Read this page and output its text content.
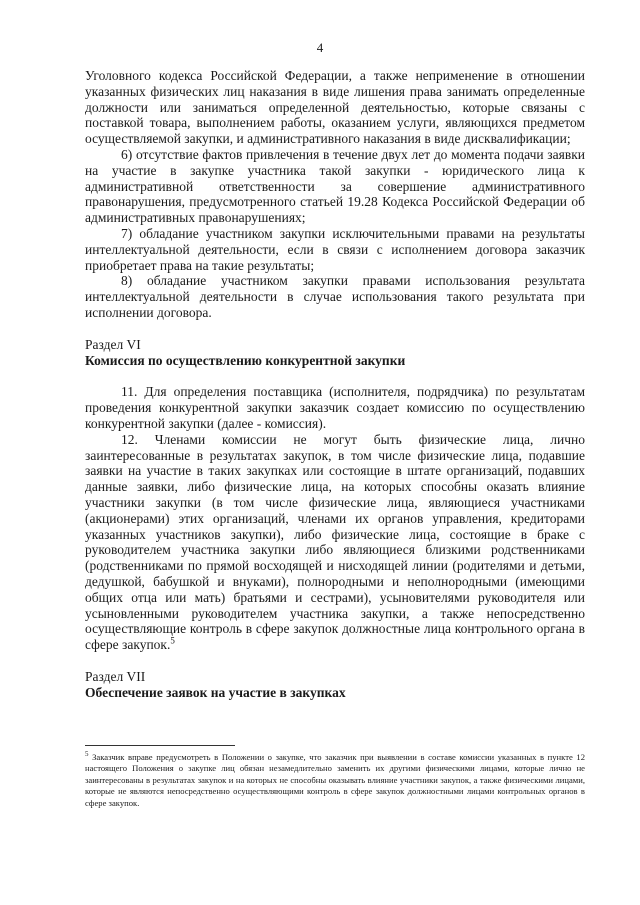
4

Уголовного кодекса Российской Федерации, а также неприменение в отношении указанных физических лиц наказания в виде лишения права занимать определенные должности или заниматься определенной деятельностью, которые связаны с поставкой товара, выполнением работы, оказанием услуги, являющихся предметом осуществляемой закупки, и административного наказания в виде дисквалификации;

6) отсутствие фактов привлечения в течение двух лет до момента подачи заявки на участие в закупке участника такой закупки - юридического лица к административной ответственности за совершение административного правонарушения, предусмотренного статьей 19.28 Кодекса Российской Федерации об административных правонарушениях;

7) обладание участником закупки исключительными правами на результаты интеллектуальной деятельности, если в связи с исполнением договора заказчик приобретает права на такие результаты;

8) обладание участником закупки правами использования результата интеллектуальной деятельности в случае использования такого результата при исполнении договора.

Раздел VI

Комиссия по осуществлению конкурентной закупки

11. Для определения поставщика (исполнителя, подрядчика) по результатам проведения конкурентной закупки заказчик создает комиссию по осуществлению конкурентной закупки (далее - комиссия).

12. Членами комиссии не могут быть физические лица, лично заинтересованные в результатах закупок, в том числе физические лица, подавшие заявки на участие в таких закупках или состоящие в штате организаций, подавших данные заявки, либо физические лица, на которых способны оказать влияние участники закупки (в том числе физические лица, являющиеся участниками (акционерами) этих организаций, членами их органов управления, кредиторами указанных участников закупки), либо физические лица, состоящие в браке с руководителем участника закупки либо являющиеся близкими родственниками (родственниками по прямой восходящей и нисходящей линии (родителями и детьми, дедушкой, бабушкой и внуками), полнородными и неполнородными (имеющими общих отца или мать) братьями и сестрами), усыновителями руководителя или усыновленными руководителем участника закупки, а также непосредственно осуществляющие контроль в сфере закупок должностные лица контрольного органа в сфере закупок.$^5$

Раздел VII

Обеспечение заявок на участие в закупках

$^5$ Заказчик вправе предусмотреть в Положении о закупке, что заказчик при выявлении в составе комиссии указанных в пункте 12 настоящего Положения о закупке лиц обязан незамедлительно заменить их другими физическими лицами, которые лично не заинтересованы в результатах закупок и на которых не способны оказывать влияние участники закупок, а также физическими лицами, которые не являются непосредственно осуществляющими контроль в сфере закупок должностными лицами контрольных органов в сфере закупок.
